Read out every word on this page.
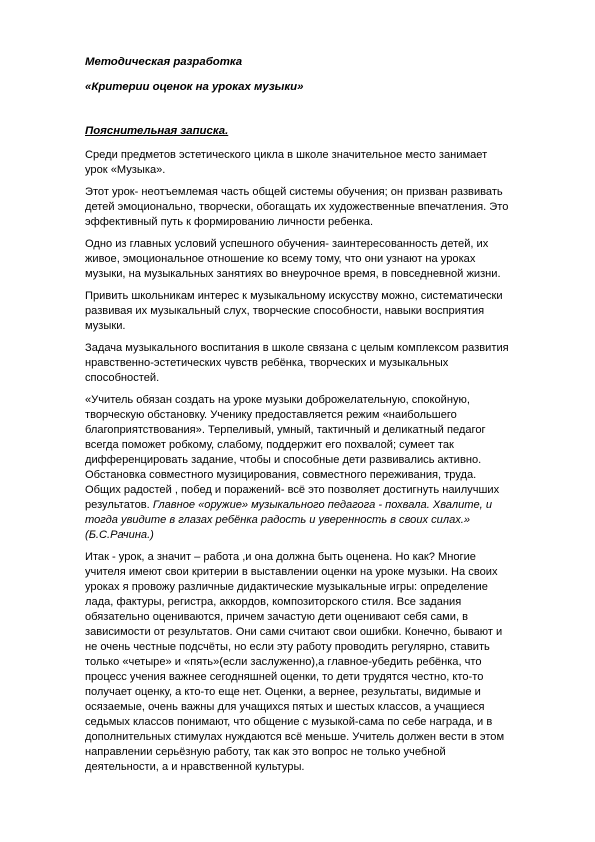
Методическая разработка
«Критерии оценок на уроках музыки»
Пояснительная записка.

Среди предметов эстетического цикла в школе значительное место занимает
урок «Музыка».

Этот урок- неотъемлемая часть общей системы обучения; он призван развивать
детей эмоционально, творчески, обогащать их художественные впечатления. Это
эффективный путь к формированию личности ребенка.

Одно из главных условий успешного обучения- заинтересованность детей, их
живое, эмоциональное отношение ко всему тому, что они узнают на уроках
музыки, на музыкальных занятиях во внеурочное время, в повседневной жизни.

Привить школьникам интерес к музыкальному искусству можно, систематически
развивая их музыкальный слух, творческие способности, навыки восприятия
музыки.

Задача музыкального воспитания в школе связана с целым комплексом развития
нравственно-эстетических чувств ребёнка, творческих и музыкальных
способностей.

«Учитель обязан создать на уроке музыки доброжелательную, спокойную,
творческую обстановку. Ученику предоставляется режим «наибольшего
благоприятствования». Терпеливый, умный, тактичный и деликатный педагог
всегда поможет робкому, слабому, поддержит его похвалой; сумеет так
дифференцировать задание, чтобы и способные дети развивались активно.
Обстановка совместного музицирования, совместного переживания, труда.
Общих радостей , побед и поражений- всё это позволяет достигнуть наилучших
результатов. Главное «оружие» музыкального педагога - похвала. Хвалите, и
тогда увидите в глазах ребёнка радость и уверенность в своих силах.»
(Б.С.Рачина.)

Итак - урок, а значит – работа ,и она должна быть оценена. Но как? Многие
учителя имеют свои критерии в выставлении оценки на уроке музыки. На своих
уроках я провожу различные дидактические музыкальные игры: определение
лада, фактуры, регистра, аккордов, композиторского стиля. Все задания
обязательно оцениваются, причем зачастую дети оценивают себя сами, в
зависимости от результатов. Они сами считают свои ошибки. Конечно, бывают и
не очень честные подсчёты, но если эту работу проводить регулярно, ставить
только «четыре» и «пять»(если заслуженно),а главное-убедить ребёнка, что
процесс учения важнее сегодняшней оценки, то дети трудятся честно, кто-то
получает оценку, а кто-то еще нет. Оценки, а вернее, результаты, видимые и
осязаемые, очень важны для учащихся пятых и шестых классов, а учащиеся
седьмых классов понимают, что общение с музыкой-сама по себе награда, и в
дополнительных стимулах нуждаются всё меньше. Учитель должен вести в этом
направлении серьёзную работу, так как это вопрос не только учебной
деятельности, а и нравственной культуры.
